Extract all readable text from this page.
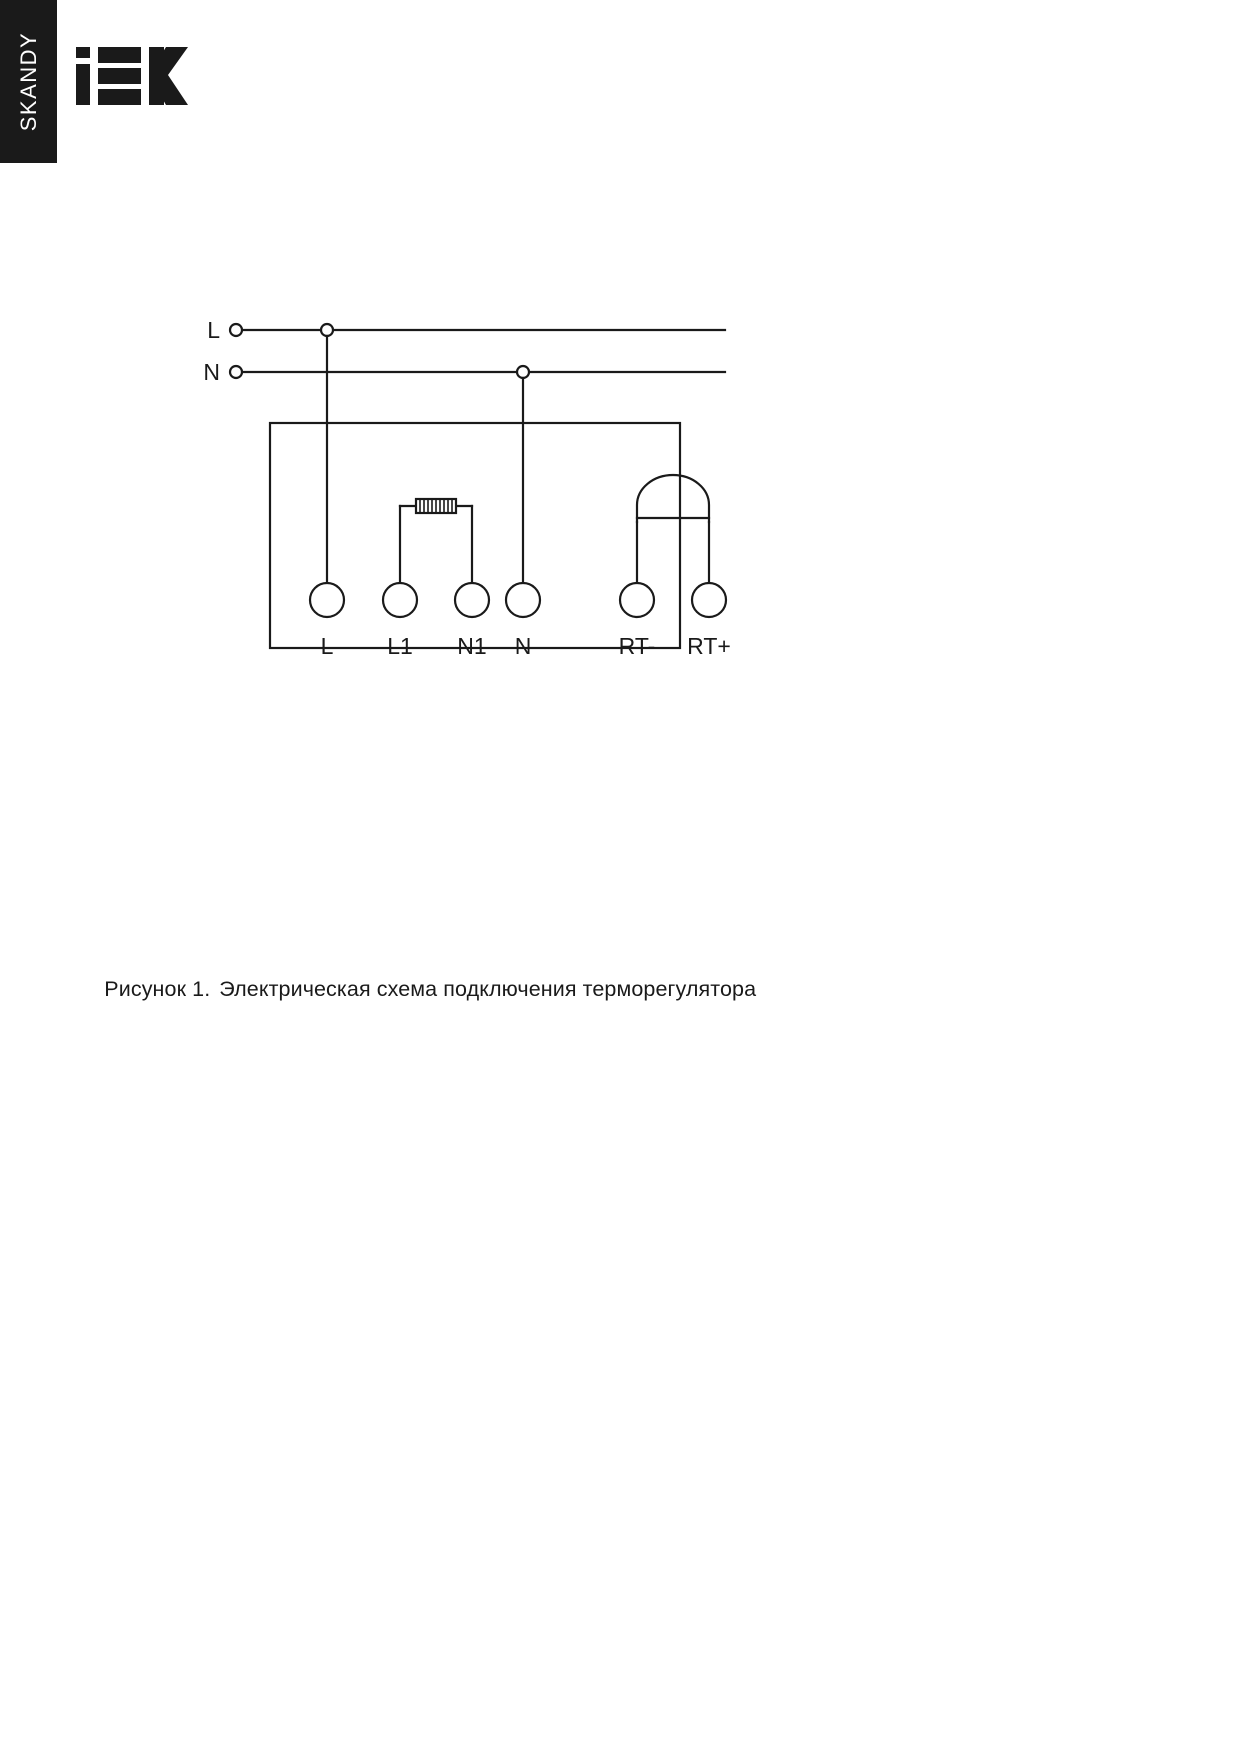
SKANDY
L
N
L L1 N1 N	RT- RT+

Рисунок 1. Электрическая схема подключения терморегулятора
